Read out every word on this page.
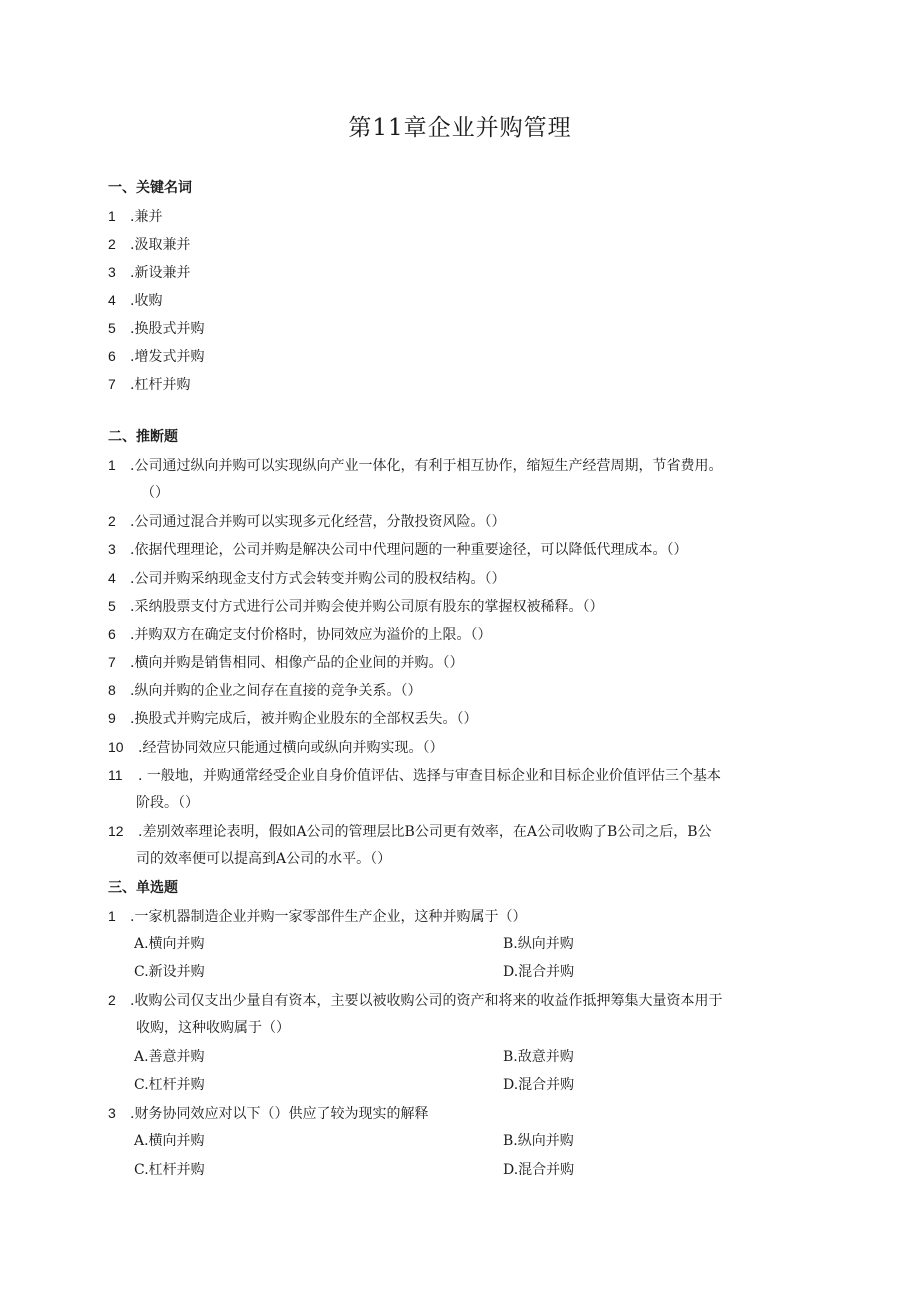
第11章企业并购管理
一、关键名词
1 .兼并
2 .汲取兼并
3 .新设兼并
4 .收购
5 .换股式并购
6 .增发式并购
7 .杠杆并购
二、推断题
1 .公司通过纵向并购可以实现纵向产业一体化，有利于相互协作，缩短生产经营周期，节省费用。
（）
2 .公司通过混合并购可以实现多元化经营，分散投资风险。（）
3 .依据代理理论，公司并购是解决公司中代理问题的一种重要途径，可以降低代理成本。（）
4 .公司并购采纳现金支付方式会转变并购公司的股权结构。（）
5 .采纳股票支付方式进行公司并购会使并购公司原有股东的掌握权被稀释。（）
6 .并购双方在确定支付价格时，协同效应为溢价的上限。（）
7 .横向并购是销售相同、相像产品的企业间的并购。（）
8 .纵向并购的企业之间存在直接的竞争关系。（）
9 .换股式并购完成后，被并购企业股东的全部权丢失。（）
10 .经营协同效应只能通过横向或纵向并购实现。（）
11 . 一般地，并购通常经受企业自身价值评估、选择与审查目标企业和目标企业价值评估三个基本
阶段。（）
12 .差别效率理论表明，假如A公司的管理层比B公司更有效率，在A公司收购了B公司之后，B公
司的效率便可以提高到A公司的水平。（）
三、单选题
1 .一家机器制造企业并购一家零部件生产企业，这种并购属于（）
A.横向并购	B.纵向并购
C.新设并购	D.混合并购
2 .收购公司仅支出少量自有资本，主要以被收购公司的资产和将来的收益作抵押筹集大量资本用于
收购，这种收购属于（）
A.善意并购	B.敌意并购
C.杠杆并购	D.混合并购
3 .财务协同效应对以下（）供应了较为现实的解释
A.横向并购	B.纵向并购
C.杠杆并购	D.混合并购
